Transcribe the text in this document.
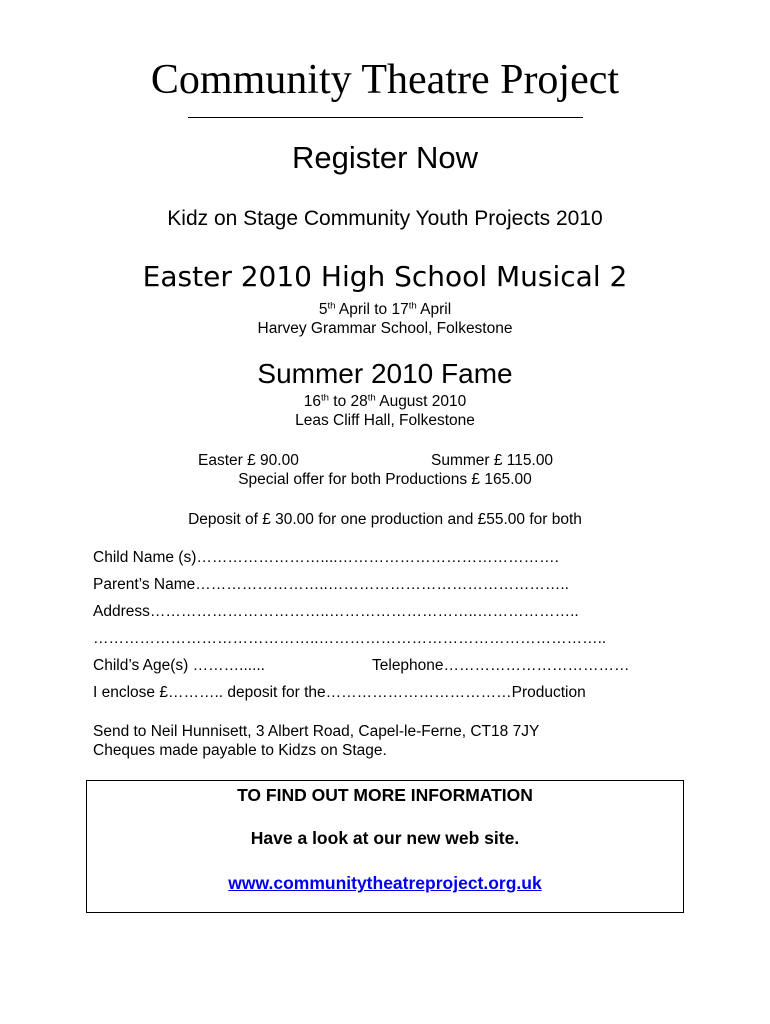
Community Theatre Project
Register Now
Kidz on Stage Community Youth Projects 2010
Easter 2010 High School Musical 2
5th April to 17th April
Harvey Grammar School, Folkestone
Summer 2010 Fame
16th to 28th August 2010
Leas Cliff Hall, Folkestone
Easter £ 90.00	Summer £ 115.00
Special offer for both Productions £ 165.00
Deposit of £ 30.00 for one production and £55.00 for both
Child Name (s)……………………....…………………………………….
Parent’s Name……………………..………………………………………..
Address……………………………..………………………..………………..
……………………………………..………………………………………………..
Child’s Age(s) ………......	Telephone………………………………
I enclose £……….. deposit for the………………………………Production
Send to Neil Hunnisett, 3 Albert Road, Capel-le-Ferne, CT18 7JY
Cheques made payable to Kidzs on Stage.
TO FIND OUT MORE INFORMATION
Have a look at our new web site.
www.communitytheatreproject.org.uk
